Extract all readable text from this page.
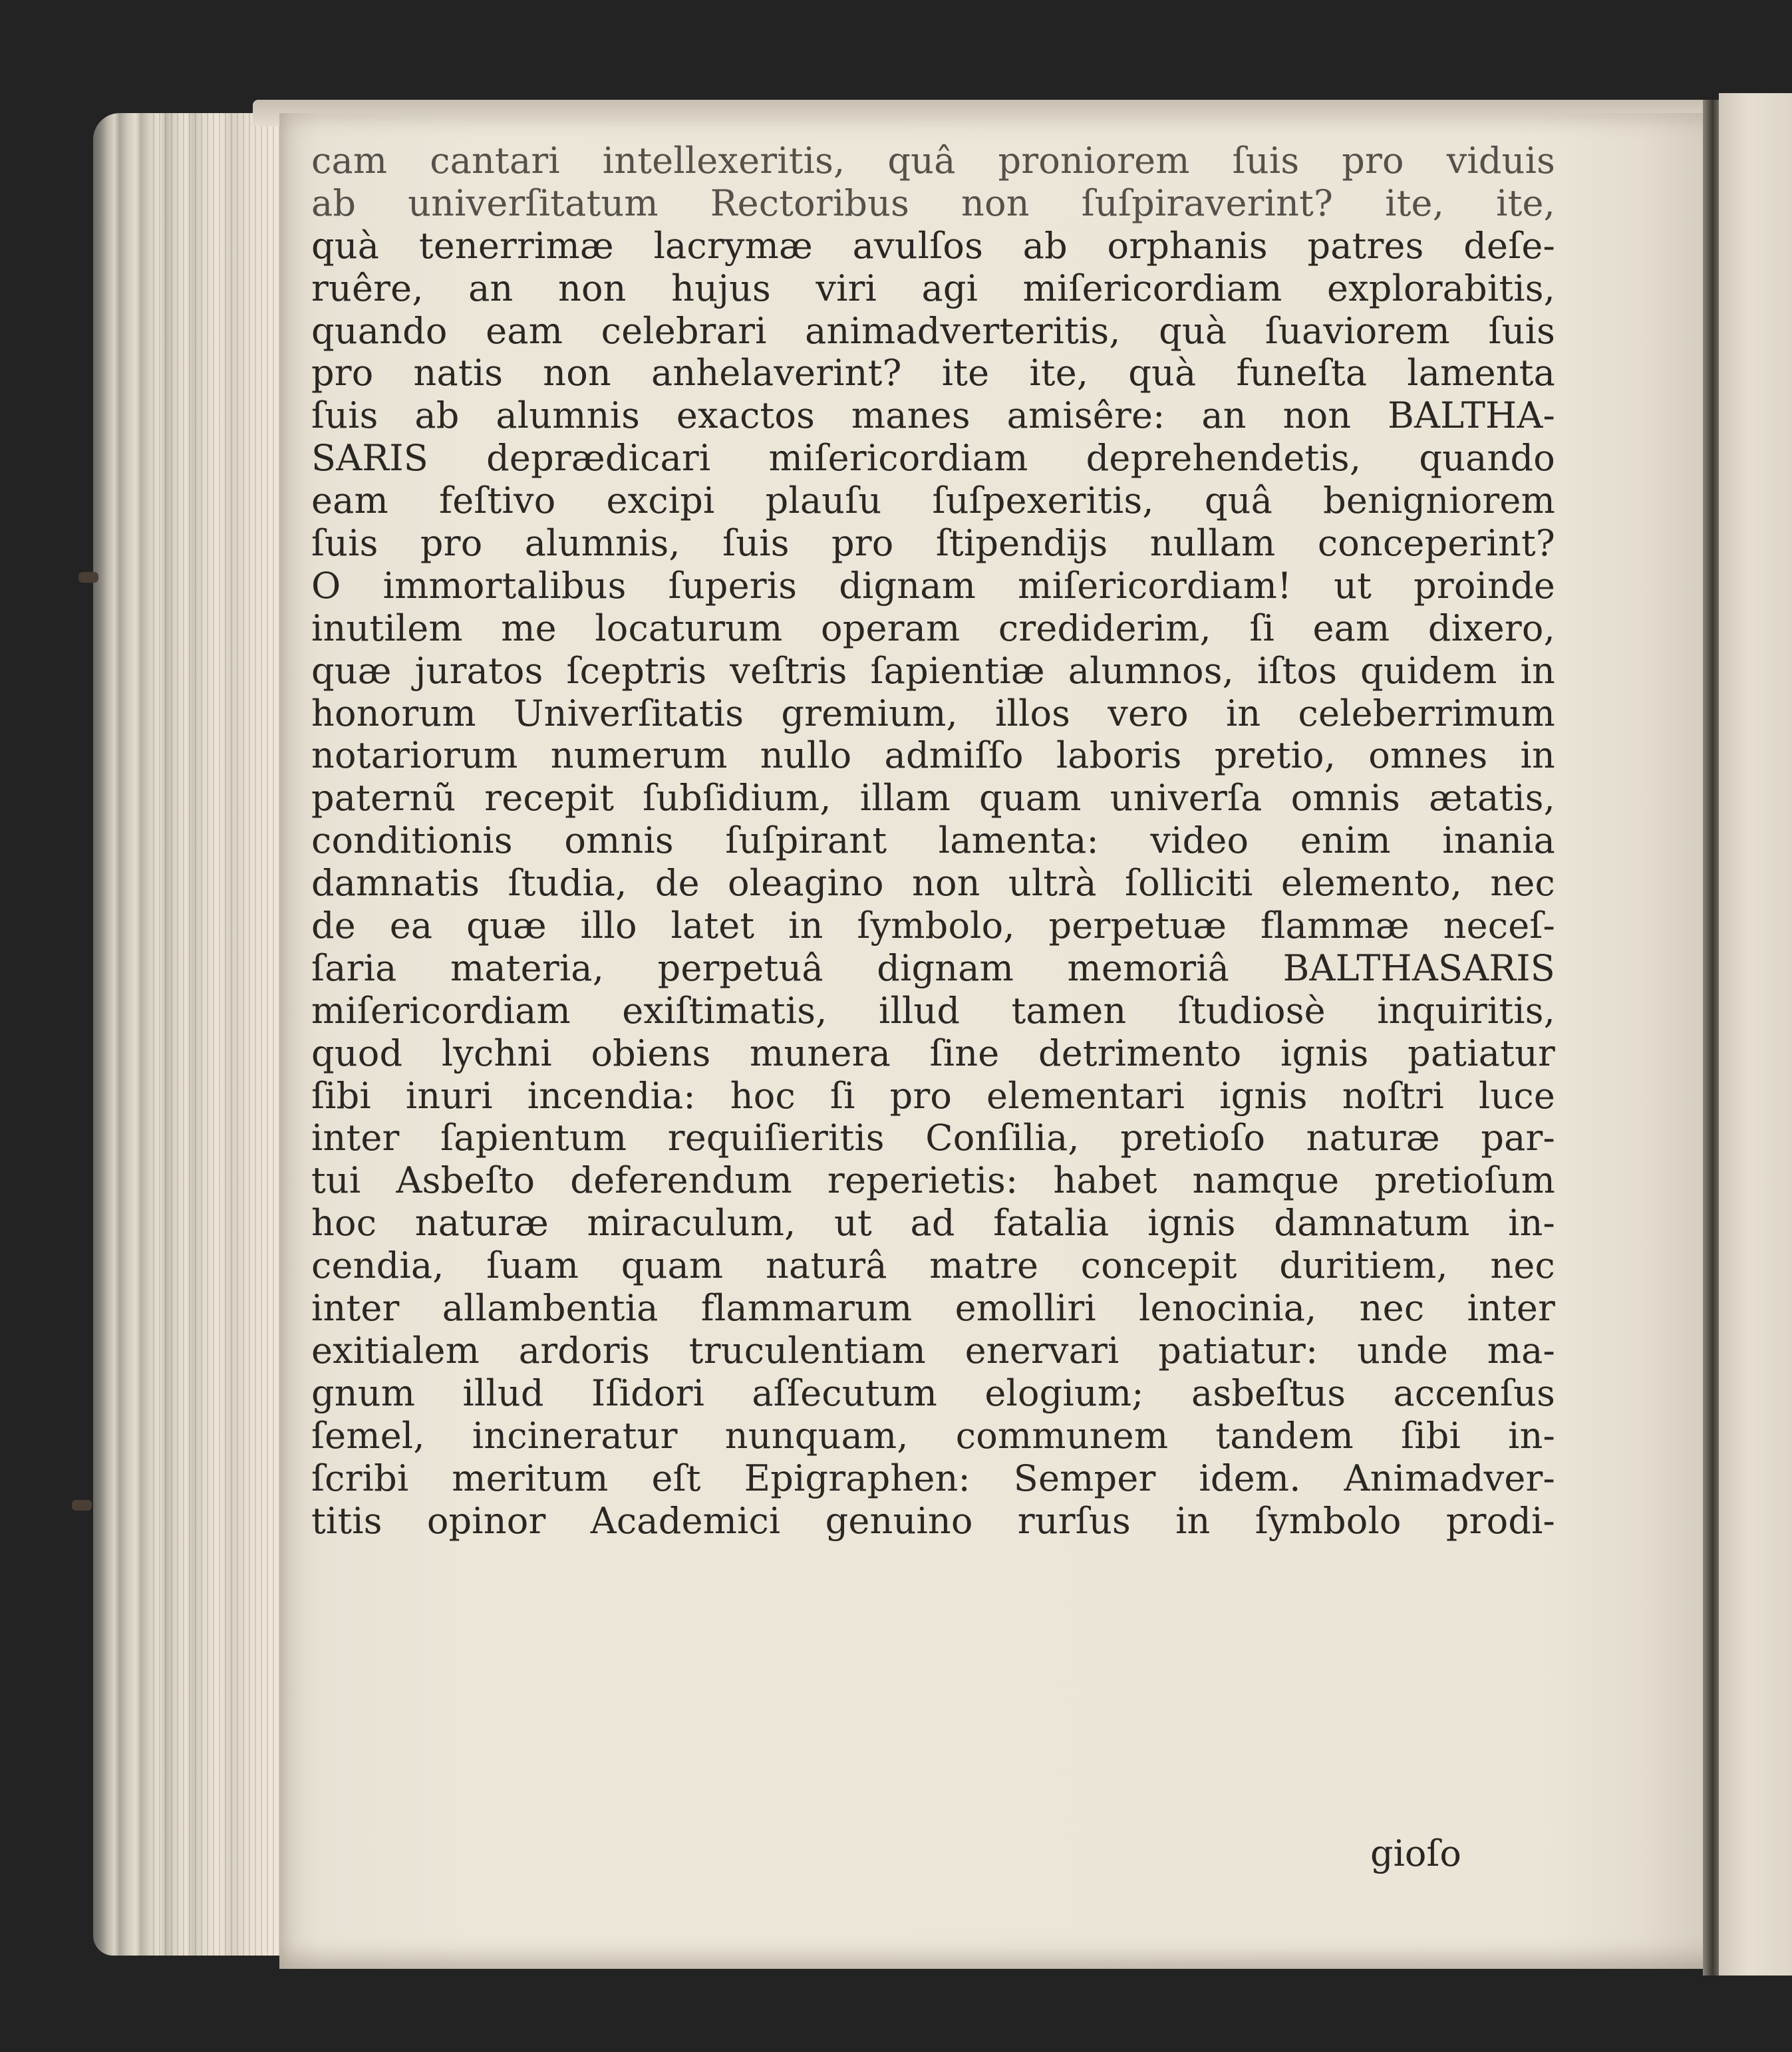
cam cantari intellexeritis, quâ proniorem ſuis pro viduis
ab univerſitatum Rectoribus non ſuſpiraverint? ite, ite,
quà tenerrimæ lacrymæ avulſos ab orphanis patres deſe-
ruêre, an non hujus viri agi miſericordiam explorabitis,
quando eam celebrari animadverteritis, quà ſuaviorem ſuis
pro natis non anhelaverint? ite ite, quà funeſta lamenta
ſuis ab alumnis exactos manes amisêre: an non BALTHA-
SARIS deprædicari miſericordiam deprehendetis, quando
eam feſtivo excipi plauſu ſuſpexeritis, quâ benigniorem
ſuis pro alumnis, ſuis pro ſtipendijs nullam conceperint?
O immortalibus ſuperis dignam miſericordiam! ut proinde
inutilem me locaturum operam crediderim, ſi eam dixero,
quæ juratos ſceptris veſtris ſapientiæ alumnos, iſtos quidem in
honorum Univerſitatis gremium, illos vero in celeberrimum
notariorum numerum nullo admiſſo laboris pretio, omnes in
paternũ recepit ſubſidium, illam quam univerſa omnis ætatis,
conditionis omnis ſuſpirant lamenta: video enim inania
damnatis ſtudia, de oleagino non ultrà ſolliciti elemento, nec
de ea quæ illo latet in ſymbolo, perpetuæ flammæ neceſ-
ſaria materia, perpetuâ dignam memoriâ BALTHASARIS
miſericordiam exiſtimatis, illud tamen ſtudiosè inquiritis,
quod lychni obiens munera ſine detrimento ignis patiatur
ſibi inuri incendia: hoc ſi pro elementari ignis noſtri luce
inter ſapientum requiſieritis Conſilia, pretioſo naturæ par-
tui Asbeſto deferendum reperietis: habet namque pretioſum
hoc naturæ miraculum, ut ad fatalia ignis damnatum in-
cendia, ſuam quam naturâ matre concepit duritiem, nec
inter allambentia flammarum emolliri lenocinia, nec inter
exitialem ardoris truculentiam enervari patiatur: unde ma-
gnum illud Iſidori aſſecutum elogium; asbeſtus accenſus
ſemel, incineratur nunquam, communem tandem ſibi in-
ſcribi meritum eſt Epigraphen: Semper idem. Animadver-
titis opinor Academici genuino rurſus in ſymbolo prodi-
gioſo
